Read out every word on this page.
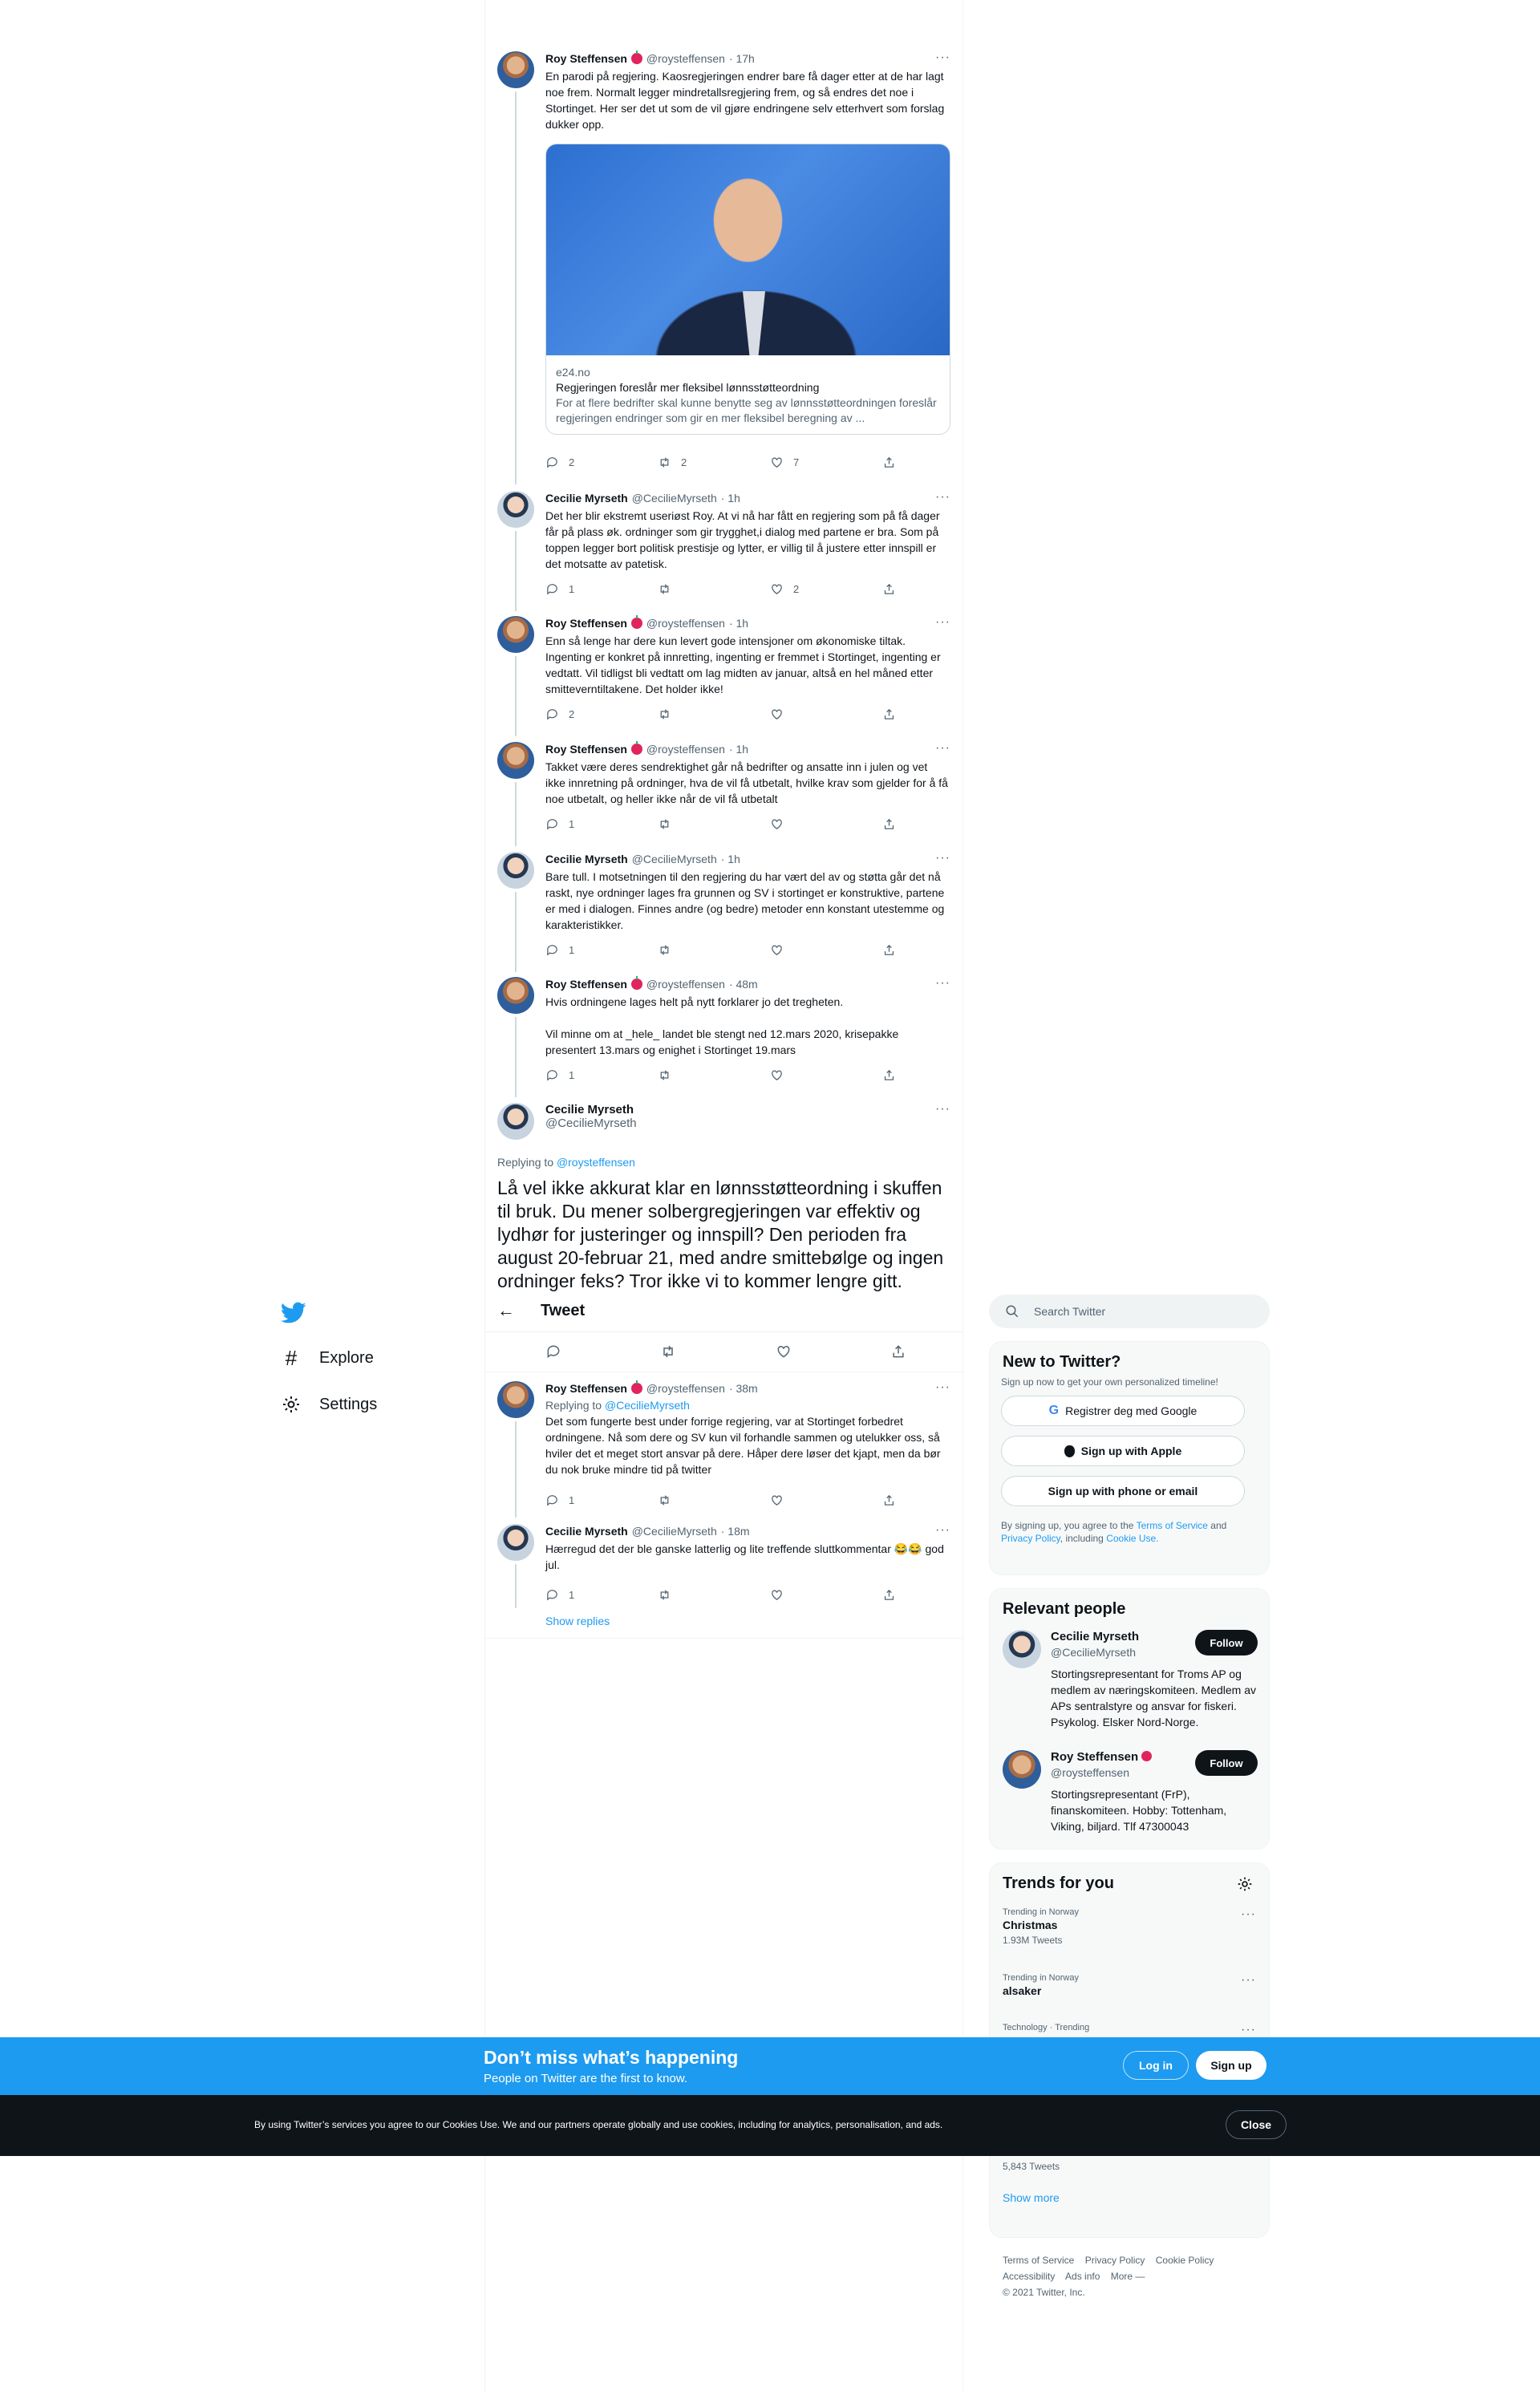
Roy Steffensen @roysteffensen · 17h	···
En parodi på regjering. Kaosregjeringen endrer bare få dager etter at de har lagt noe frem. Normalt legger mindretallsregjering frem, og så endres det noe i Stortinget. Her ser det ut som de vil gjøre endringene selv etterhvert som forslag dukker opp.
e24.no
Regjeringen foreslår mer fleksibel lønnsstøtteordning
For at flere bedrifter skal kunne benytte seg av lønnsstøtteordningen foreslår regjeringen endringer som gir en mer fleksibel beregning av ...
2	2	7
Cecilie Myrseth @CecilieMyrseth · 1h	···
Det her blir ekstremt useriøst Roy. At vi nå har fått en regjering som på få dager får på plass øk. ordninger som gir trygghet,i dialog med partene er bra. Som på toppen legger bort politisk prestisje og lytter, er villig til å justere etter innspill er det motsatte av patetisk.
1	2
Roy Steffensen @roysteffensen · 1h	···
Enn så lenge har dere kun levert gode intensjoner om økonomiske tiltak. Ingenting er konkret på innretting, ingenting er fremmet i Stortinget, ingenting er vedtatt. Vil tidligst bli vedtatt om lag midten av januar, altså en hel måned etter smitteverntiltakene. Det holder ikke!
2
Roy Steffensen @roysteffensen · 1h	···
Takket være deres sendrektighet går nå bedrifter og ansatte inn i julen og vet ikke innretning på ordninger, hva de vil få utbetalt, hvilke krav som gjelder for å få noe utbetalt, og heller ikke når de vil få utbetalt
1
Cecilie Myrseth @CecilieMyrseth · 1h	···
Bare tull. I motsetningen til den regjering du har vært del av og støtta går det nå raskt, nye ordninger lages fra grunnen og SV i stortinget er konstruktive, partene er med i dialogen. Finnes andre (og bedre) metoder enn konstant utestemme og karakteristikker.
1
Roy Steffensen @roysteffensen · 48m	···
Hvis ordningene lages helt på nytt forklarer jo det tregheten.

Vil minne om at _hele_ landet ble stengt ned 12.mars 2020, krisepakke presentert 13.mars og enighet i Stortinget 19.mars
1
Cecilie Myrseth
@CecilieMyrseth
···
Replying to @roysteffensen
Lå vel ikke akkurat klar en lønnsstøtteordning i skuffen til bruk. Du mener solbergregjeringen var effektiv og lydhør for justeringer og innspill? Den perioden fra august 20-februar 21, med andre smittebølge og ingen ordninger feks? Tror ikke vi to kommer lengre gitt.
← Tweet
Roy Steffensen @roysteffensen · 38m	···
Replying to @CecilieMyrseth
Det som fungerte best under forrige regjering, var at Stortinget forbedret ordningene. Nå som dere og SV kun vil forhandle sammen og utelukker oss, så hviler det et meget stort ansvar på dere. Håper dere løser det kjapt, men da bør du nok bruke mindre tid på twitter
1
Cecilie Myrseth @CecilieMyrseth · 18m	···
Hærregud det der ble ganske latterlig og lite treffende sluttkommentar 😂😂 god jul.
1
Show replies
# Explore
Settings
Search Twitter
New to Twitter?
Sign up now to get your own personalized timeline!
G Registrer deg med Google
Sign up with Apple
Sign up with phone or email
By signing up, you agree to the Terms of Service and Privacy Policy, including Cookie Use.
Relevant people
Cecilie Myrseth
@CecilieMyrseth
Stortingsrepresentant for Troms AP og medlem av næringskomiteen. Medlem av APs sentralstyre og ansvar for fiskeri. Psykolog. Elsker Nord-Norge.
Follow
Roy Steffensen
@roysteffensen
Stortingsrepresentant (FrP), finanskomiteen. Hobby: Tottenham, Viking, biljard. Tlf 47300043
Follow
Trends for you
Trending in Norway
Christmas
1.93M Tweets
···
Trending in Norway
alsaker
···
Technology · Trending	···
5,843 Tweets
Show more
Terms of Service Privacy Policy Cookie Policy
Accessibility Ads info More —
© 2021 Twitter, Inc.
Don’t miss what’s happening
People on Twitter are the first to know.
Log in	Sign up
By using Twitter’s services you agree to our Cookies Use. We and our partners operate globally and use cookies, including for analytics, personalisation, and ads.	Close
